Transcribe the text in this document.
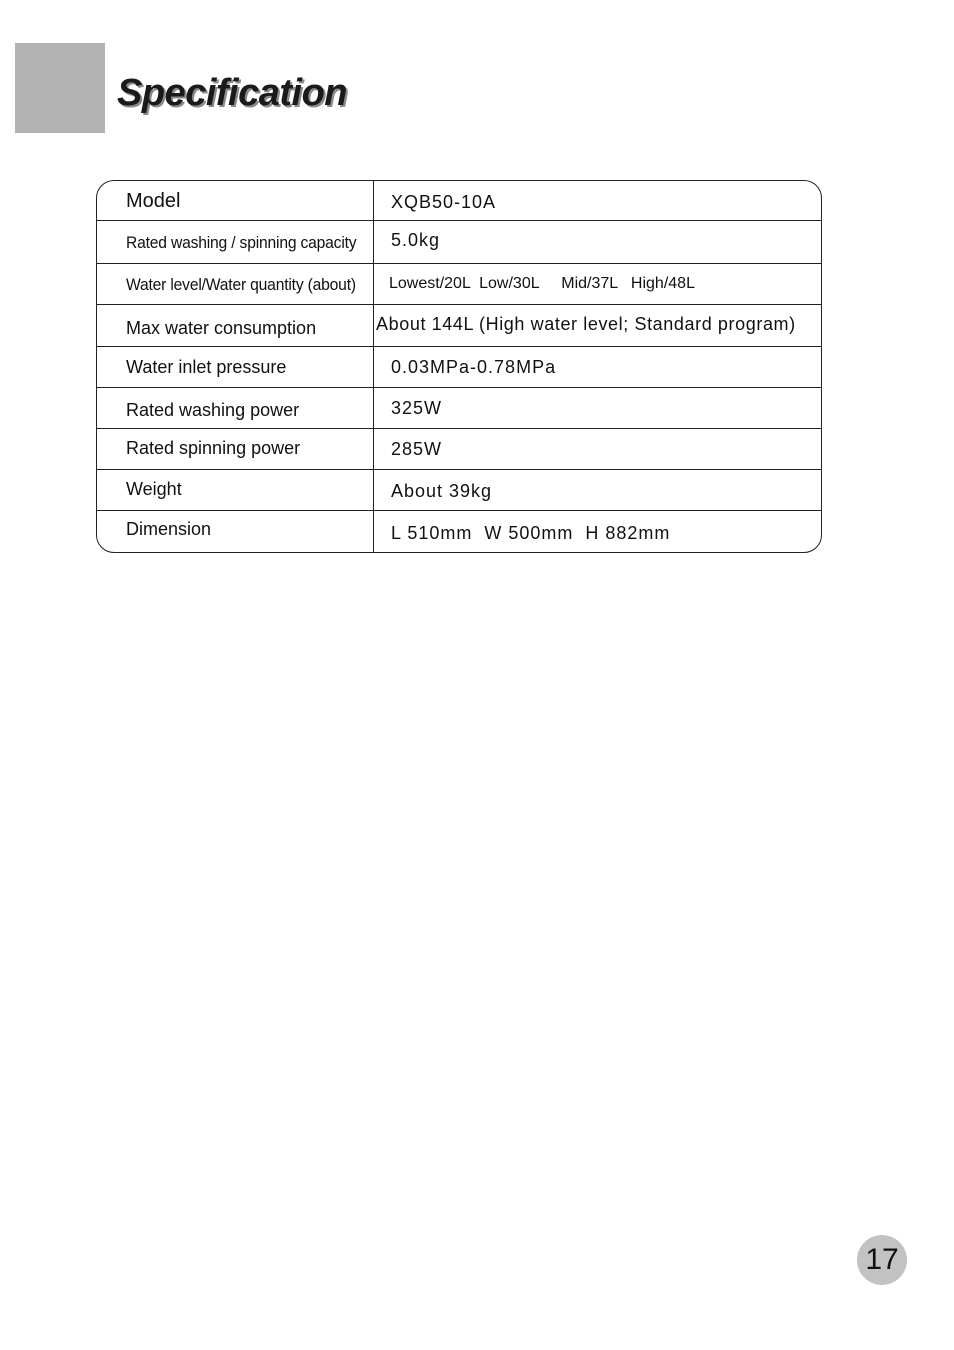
Specification
Model	XQB50-10A
Rated washing / spinning capacity 5.0kg
Water level/Water quantity (about) Lowest/20L  Low/30L     Mid/37L   High/48L
Max water consumption	About 144L (High water level; Standard program)
Water inlet pressure	0.03MPa-0.78MPa
Rated washing power	325W
Rated spinning power	285W
Weight	About 39kg
Dimension	L 510mm  W 500mm  H 882mm
17
